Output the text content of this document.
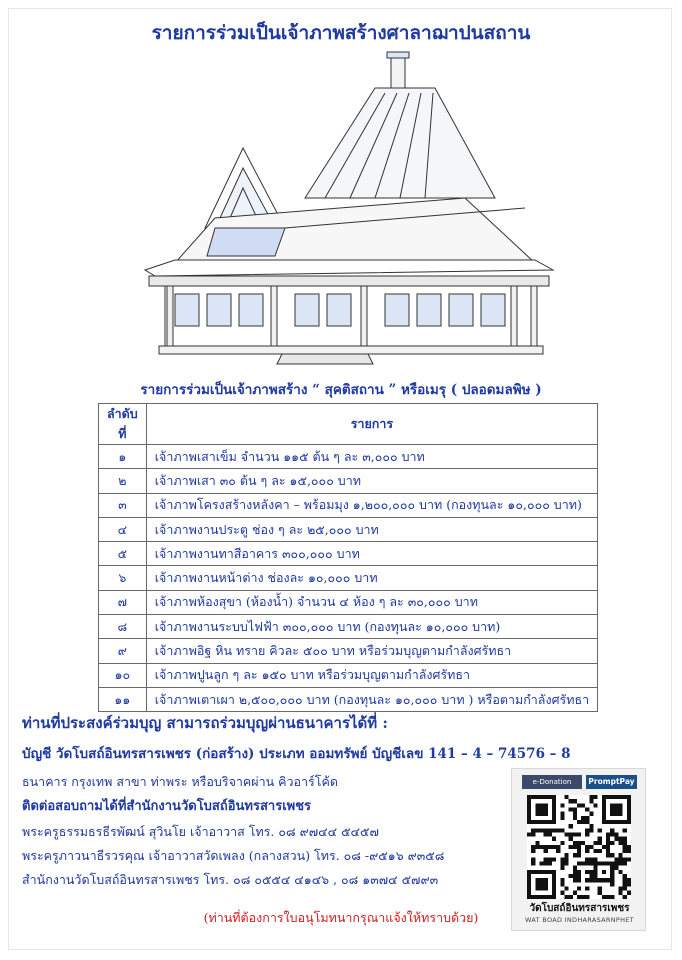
รายการร่วมเป็นเจ้าภาพสร้างศาลาฌาปนสถาน
รายการร่วมเป็นเจ้าภาพสร้าง “ สุคติสถาน ” หรือเมรุ ( ปลอดมลพิษ )
ลำดับที่	รายการ
๑	เจ้าภาพเสาเข็ม จำนวน ๑๑๕ ต้น ๆ ละ ๓,๐๐๐ บาท
๒	เจ้าภาพเสา ๓๐ ต้น ๆ ละ ๑๕,๐๐๐ บาท
๓	เจ้าภาพโครงสร้างหลังคา – พร้อมมุง ๑,๒๐๐,๐๐๐ บาท (กองทุนละ ๑๐,๐๐๐ บาท)
๔	เจ้าภาพงานประตู ช่อง ๆ ละ ๒๕,๐๐๐ บาท
๕	เจ้าภาพงานทาสีอาคาร ๓๐๐,๐๐๐ บาท
๖	เจ้าภาพงานหน้าต่าง ช่องละ ๑๐,๐๐๐ บาท
๗	เจ้าภาพห้องสุขา (ห้องน้ำ) จำนวน ๔ ห้อง ๆ ละ ๓๐,๐๐๐ บาท
๘	เจ้าภาพงานระบบไฟฟ้า ๓๐๐,๐๐๐ บาท (กองทุนละ ๑๐,๐๐๐ บาท)
๙	เจ้าภาพอิฐ หิน ทราย คิวละ ๕๐๐ บาท หรือร่วมบุญตามกำลังศรัทธา
๑๐	เจ้าภาพปูนลูก ๆ ละ ๑๕๐ บาท หรือร่วมบุญตามกำลังศรัทธา
๑๑	เจ้าภาพเตาเผา ๒,๕๐๐,๐๐๐ บาท (กองทุนละ ๑๐,๐๐๐ บาท ) หรือตามกำลังศรัทธา
ท่านที่ประสงค์ร่วมบุญ สามารถร่วมบุญผ่านธนาคารได้ที่ :
บัญชี วัดโบสถ์อินทรสารเพชร (ก่อสร้าง) ประเภท ออมทรัพย์ บัญชีเลข 141 – 4 – 74576 – 8
ธนาคาร กรุงเทพ สาขา ท่าพระ หรือบริจาคผ่าน คิวอาร์โค้ด
ติดต่อสอบถามได้ที่สำนักงานวัดโบสถ์อินทรสารเพชร
พระครูธรรมธรธีรพัฒน์ สุวินโย เจ้าอาวาส โทร. ๐๘ ๙๗๔๔ ๕๔๕๗
พระครูภาวนาธีรวรคุณ เจ้าอาวาสวัดเพลง (กลางสวน) โทร. ๐๘ -๙๕๑๖ ๙๓๕๘
สำนักงานวัดโบสถ์อินทรสารเพชร โทร. ๐๘ ๐๕๕๔ ๔๑๔๖ , ๐๘ ๑๓๗๔ ๕๗๙๓
(ท่านที่ต้องการใบอนุโมทนากรุณาแจ้งให้ทราบด้วย)
e-Donation	PromptPay
วัดโบสถ์อินทรสารเพชร
WAT BOAD INDHARASARNPHET
